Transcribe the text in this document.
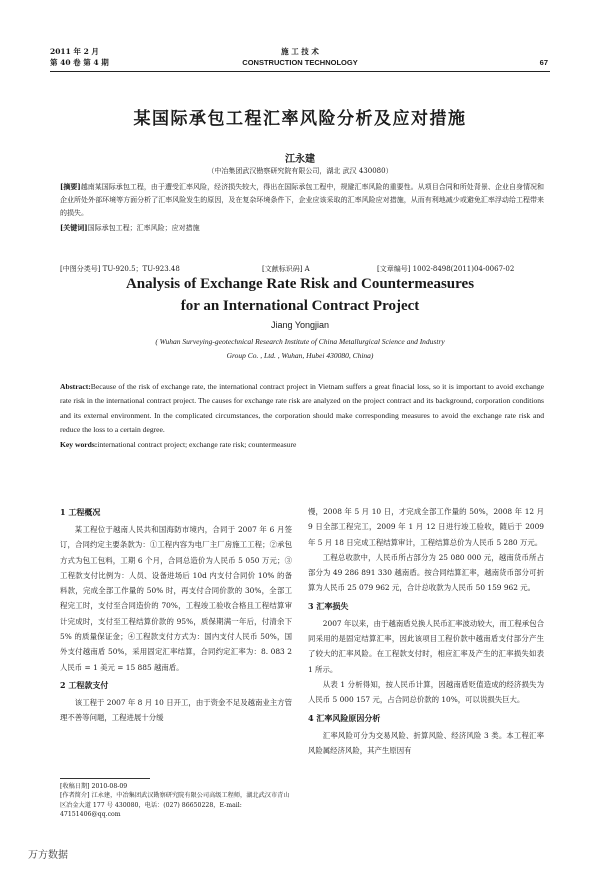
2011 年 2 月
第 40 卷 第 4 期
施 工 技 术
CONSTRUCTION TECHNOLOGY	67
某国际承包工程汇率风险分析及应对措施
江永建
（中冶集团武汉勘察研究院有限公司，湖北 武汉 430080）
[摘要]越南某国际承包工程，由于遭受汇率风险，经济损失较大，得出在国际承包工程中，规避汇率风险的重要性。从项目合同和所处背景、企业自身情况和企业所处外部环境等方面分析了汇率风险发生的原因，及在复杂环境条件下，企业应该采取的汇率风险应对措施，从而有利地减少或避免汇率浮动给工程带来的损失。
[关键词]国际承包工程；汇率风险；应对措施
[中图分类号] TU-920.5；TU-923.48	[文献标识码] A	[文章编号] 1002-8498(2011)04-0067-02
Analysis of Exchange Rate Risk and Countermeasures
for an International Contract Project
Jiang Yongjian
( Wuhan Surveying-geotechnical Research Institute of China Metallurgical Science and Industry
Group Co. , Ltd. , Wuhan, Hubei 430080, China)
Abstract:Because of the risk of exchange rate, the international contract project in Vietnam suffers a great finacial loss, so it is important to avoid exchange rate risk in the international contract project. The causes for exchange rate risk are analyzed on the project contract and its background, corporation conditions and its external environment. In the complicated circumstances, the corporation should make corresponding measures to avoid the exchange rate risk and reduce the loss to a certain degree.
Key words:international contract project; exchange rate risk; countermeasure
1 工程概况

某工程位于越南人民共和国海防市境内，合同于 2007 年 6 月签订，合同约定主要条款为：①工程内容为电厂主厂房施工工程；②承包方式为包工包料，工期 6 个月，合同总造价为人民币 5 050 万元；③工程款支付比例为：人员、设备进场后 10d 内支付合同价 10% 的备料款，完成全部工作量的 50% 时，再支付合同价款的 30%，全部工程完工时，支付至合同造价的 70%，工程竣工验收合格且工程结算审计完成时，支付至工程结算价款的 95%，质保期满一年后，付清余下 5% 的质量保证金；④工程款支付方式为：国内支付人民币 50%，国外支付越南盾 50%，采用固定汇率结算，合同约定汇率为：8. 083 2 人民币 = 1 美元 = 15 885 越南盾。

2 工程款支付

该工程于 2007 年 8 月 10 日开工，由于资金不足及越南业主方管理不善等问题，工程进展十分缓

[收稿日期] 2010-08-09
[作者简介] 江永建，中冶集团武汉勘察研究院有限公司高级工程师，湖北武汉市青山区冶金大道 177 号 430080，电话：(027) 86650228，E-mail: 47151406@qq.com

慢，2008 年 5 月 10 日，才完成全部工作量的 50%，2008 年 12 月 9 日全部工程完工，2009 年 1 月 12 日进行竣工验收，随后于 2009 年 5 月 18 日完成工程结算审计，工程结算总价为人民币 5 280 万元。

工程总收款中，人民币所占部分为 25 080 000 元，越南货币所占部分为 49 286 891 330 越南盾。按合同结算汇率，越南货币部分可折算为人民币 25 079 962 元，合计总收款为人民币 50 159 962 元。

3 汇率损失

2007 年以来，由于越南盾兑换人民币汇率波动较大，而工程承包合同采用的是固定结算汇率，因此该项目工程价款中越南盾支付部分产生了较大的汇率风险。在工程款支付时，相应汇率及产生的汇率损失如表 1 所示。

从表 1 分析得知，按人民币计算，因越南盾贬值造成的经济损失为人民币 5 000 157 元，占合同总价款的 10%，可以说损失巨大。

4 汇率风险原因分析

汇率风险可分为交易风险、折算风险、经济风险 3 类。本工程汇率风险属经济风险，其产生原因有

万方数据
